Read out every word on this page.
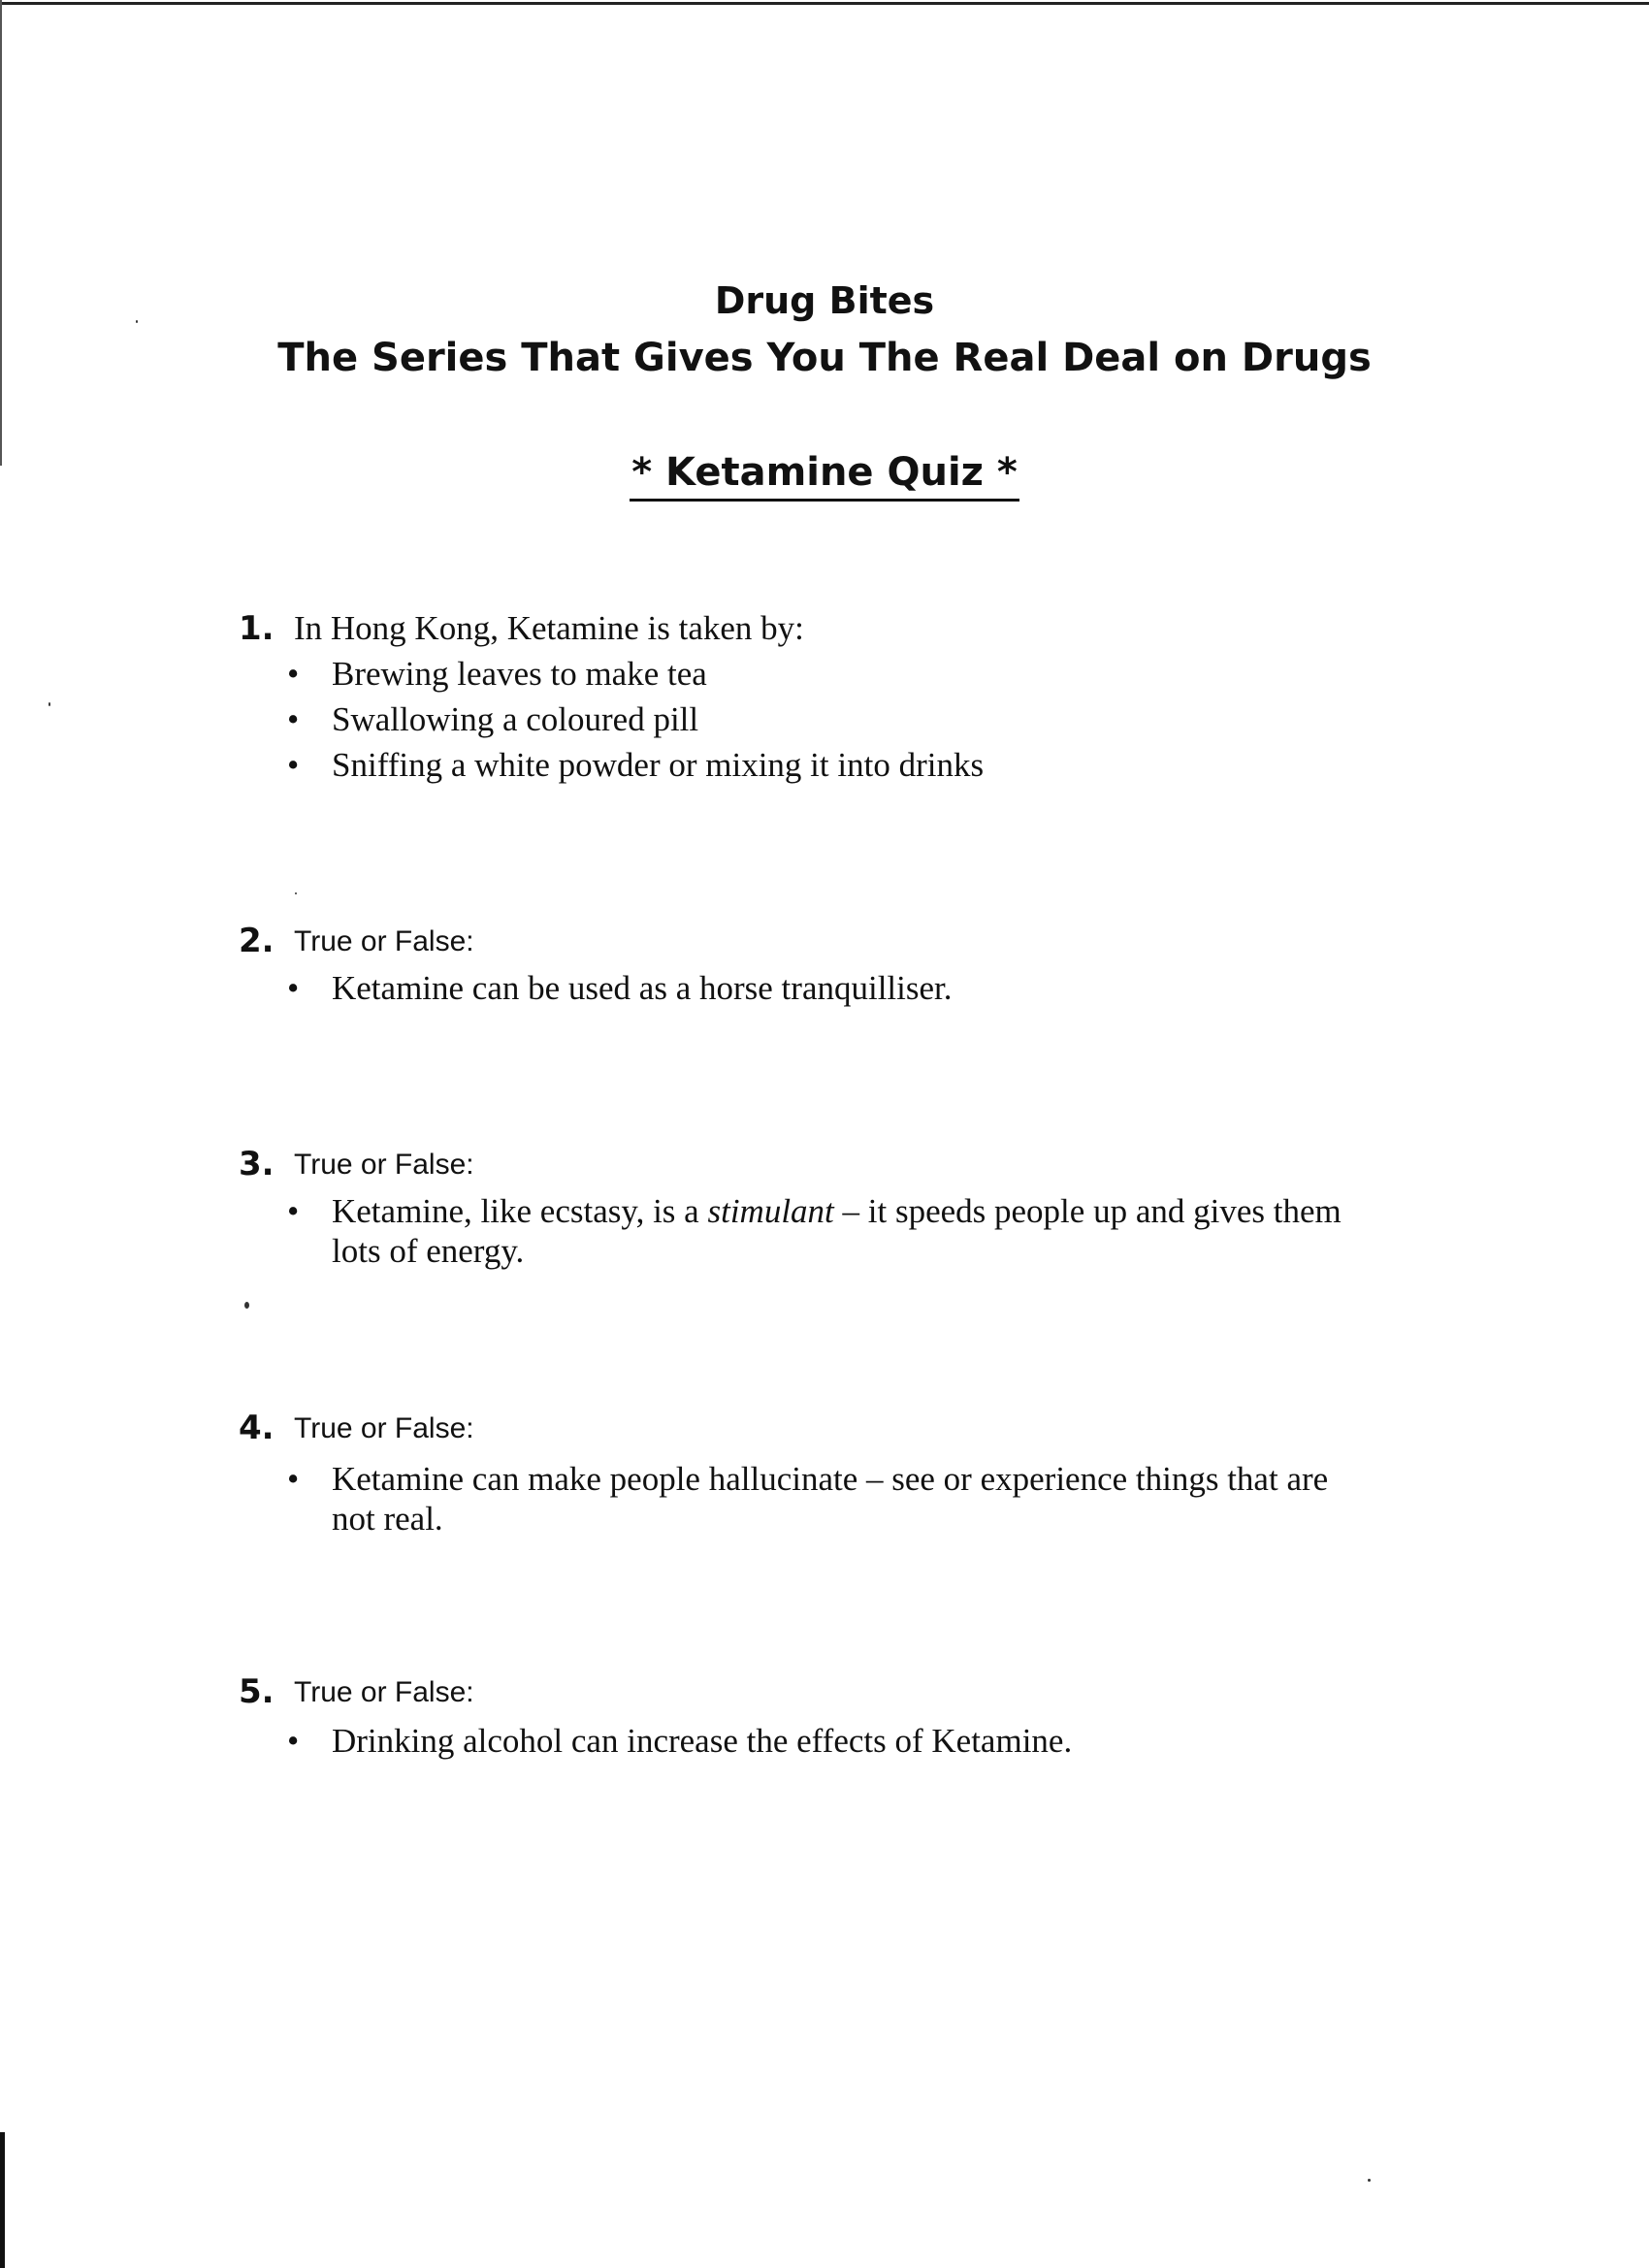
Drug Bites
The Series That Gives You The Real Deal on Drugs
* Ketamine Quiz *
1. In Hong Kong, Ketamine is taken by:
• Brewing leaves to make tea
• Swallowing a coloured pill
• Sniffing a white powder or mixing it into drinks
2. True or False:
• Ketamine can be used as a horse tranquilliser.
3. True or False:
• Ketamine, like ecstasy, is a stimulant – it speeds people up and gives them lots of energy.
4. True or False:
• Ketamine can make people hallucinate – see or experience things that are not real.
5. True or False:
• Drinking alcohol can increase the effects of Ketamine.
